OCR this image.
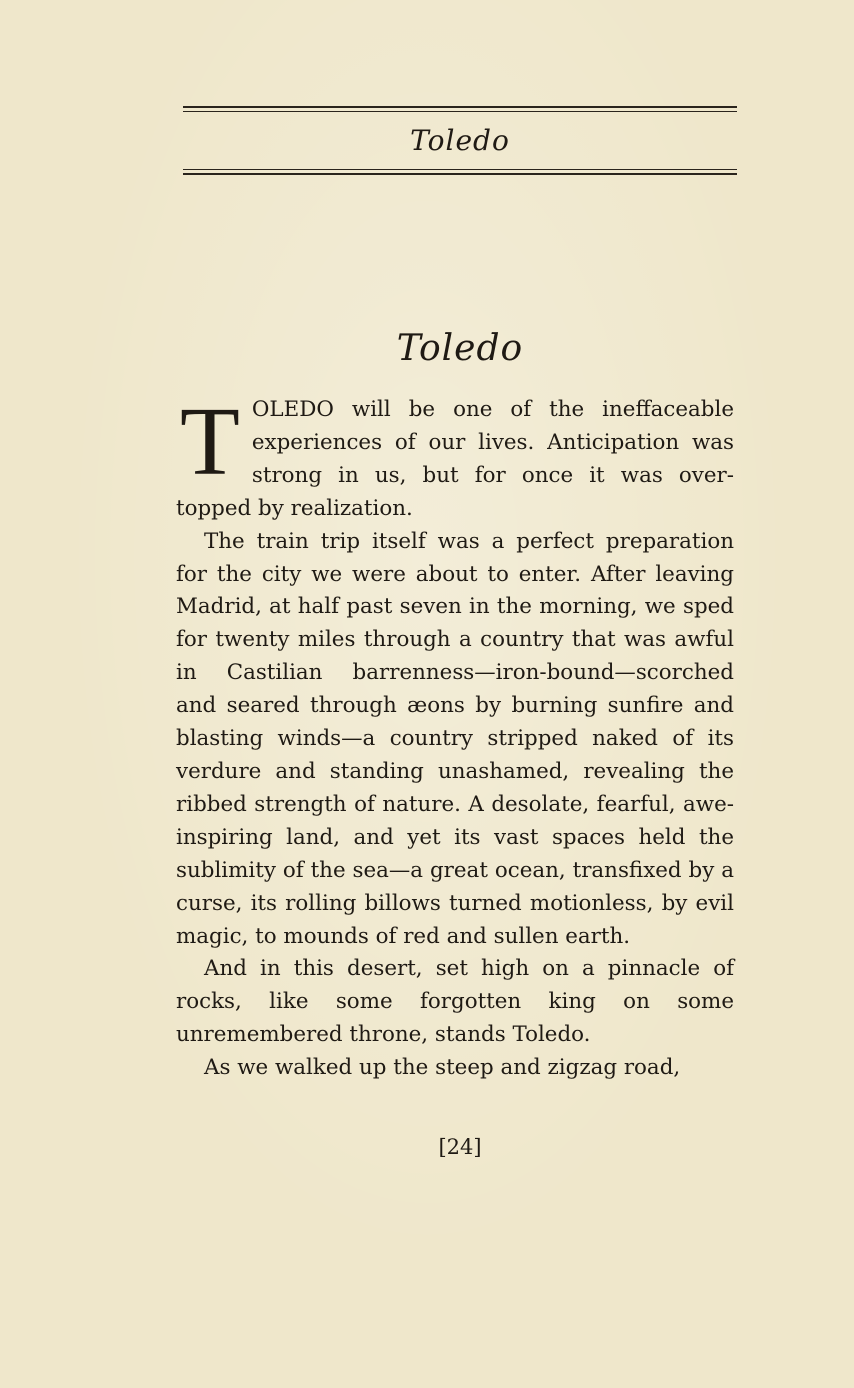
Toledo
Toledo

TOLEDO will be one of the ineffaceable experiences of our lives. Anticipation was strong in us, but for once it was over-topped by realization.

The train trip itself was a perfect preparation for the city we were about to enter. After leaving Madrid, at half past seven in the morning, we sped for twenty miles through a country that was awful in Castilian barrenness—iron-bound—scorched and seared through æons by burning sunfire and blasting winds—a country stripped naked of its verdure and standing unashamed, revealing the ribbed strength of nature. A desolate, fearful, awe-inspiring land, and yet its vast spaces held the sublimity of the sea—a great ocean, transfixed by a curse, its rolling billows turned motionless, by evil magic, to mounds of red and sullen earth.

And in this desert, set high on a pinnacle of rocks, like some forgotten king on some unremembered throne, stands Toledo.

As we walked up the steep and zigzag road,

[24]
